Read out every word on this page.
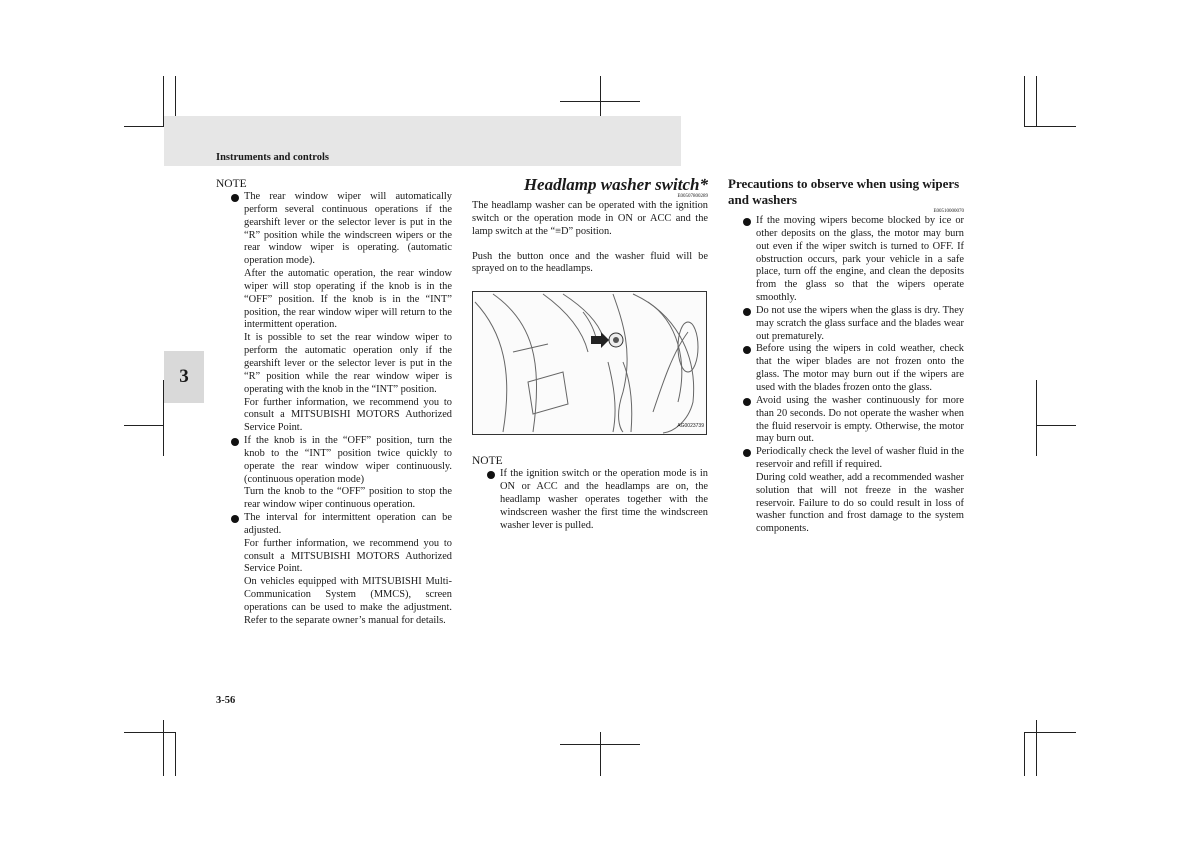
Instruments and controls
3

NOTE

The rear window wiper will automatically perform several continuous operations if the gearshift lever or the selector lever is put in the “R” position while the windscreen wipers or the rear window wiper is operating. (automatic operation mode).

After the automatic operation, the rear window wiper will stop operating if the knob is in the “OFF” position. If the knob is in the “INT” position, the rear window wiper will return to the intermittent operation.

It is possible to set the rear window wiper to perform the automatic operation only if the gearshift lever or the selector lever is put in the “R” position while the rear window wiper is operating with the knob in the “INT” position.

For further information, we recommend you to consult a MITSUBISHI MOTORS Authorized Service Point.

If the knob is in the “OFF” position, turn the knob to the “INT” position twice quickly to operate the rear window wiper continuously. (continuous operation mode)

Turn the knob to the “OFF” position to stop the rear window wiper continuous operation.

The interval for intermittent operation can be adjusted.

For further information, we recommend you to consult a MITSUBISHI MOTORS Authorized Service Point.

On vehicles equipped with MITSUBISHI Multi-Communication System (MMCS), screen operations can be used to make the adjustment. Refer to the separate owner’s manual for details.

Headlamp washer switch*

E00507800289

The headlamp washer can be operated with the ignition switch or the operation mode in ON or ACC and the lamp switch at the “≡D” position.

Push the button once and the washer fluid will be sprayed on to the headlamps.

AG0023739

NOTE

If the ignition switch or the operation mode is in ON or ACC and the headlamps are on, the headlamp washer operates together with the windscreen washer the first time the windscreen washer lever is pulled.

Precautions to observe when using wipers and washers

E00510000070

If the moving wipers become blocked by ice or other deposits on the glass, the motor may burn out even if the wiper switch is turned to OFF. If obstruction occurs, park your vehicle in a safe place, turn off the engine, and clean the deposits from the glass so that the wipers operate smoothly.

Do not use the wipers when the glass is dry. They may scratch the glass surface and the blades wear out prematurely.

Before using the wipers in cold weather, check that the wiper blades are not frozen onto the glass. The motor may burn out if the wipers are used with the blades frozen onto the glass.

Avoid using the washer continuously for more than 20 seconds. Do not operate the washer when the fluid reservoir is empty. Otherwise, the motor may burn out.

Periodically check the level of washer fluid in the reservoir and refill if required.

During cold weather, add a recommended washer solution that will not freeze in the washer reservoir. Failure to do so could result in loss of washer function and frost damage to the system components.

3-56
